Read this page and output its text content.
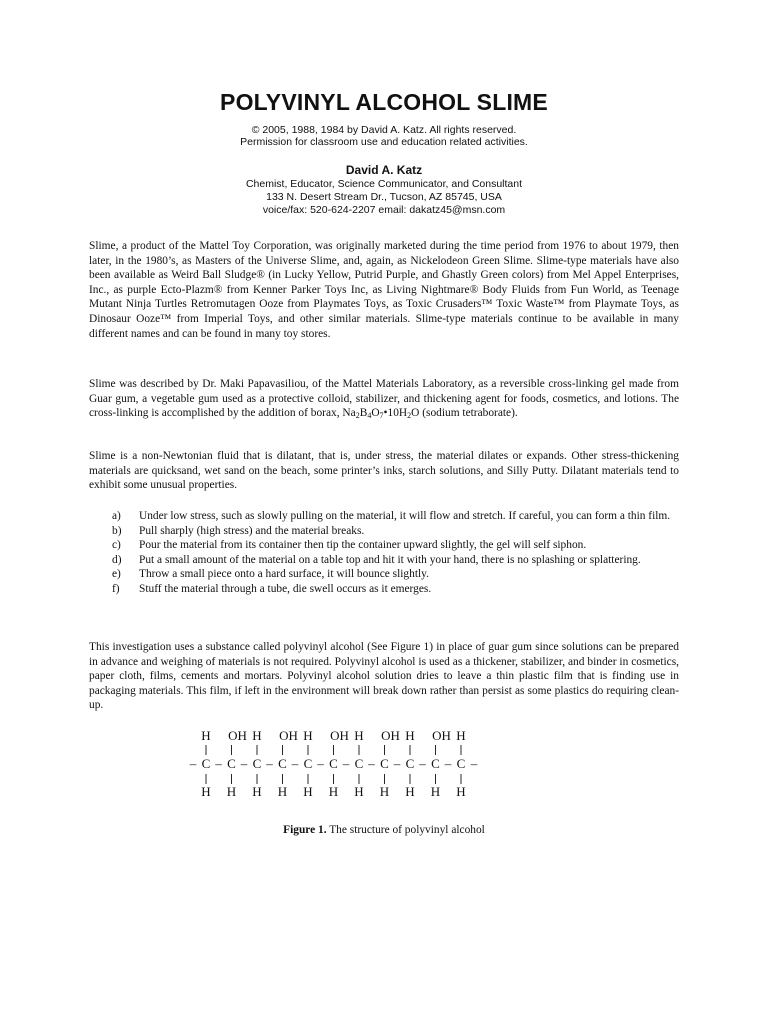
POLYVINYL ALCOHOL SLIME

© 2005, 1988, 1984 by David A. Katz. All rights reserved.

Permission for classroom use and education related activities.

David A. Katz

Chemist, Educator, Science Communicator, and Consultant

133 N. Desert Stream Dr., Tucson, AZ 85745, USA

voice/fax: 520-624-2207 email: dakatz45@msn.com

Slime, a product of the Mattel Toy Corporation, was originally marketed during the time period from 1976 to about 1979, then later, in the 1980’s, as Masters of the Universe Slime, and, again, as Nickelodeon Green Slime. Slime-type materials have also been available as Weird Ball Sludge® (in Lucky Yellow, Putrid Purple, and Ghastly Green colors) from Mel Appel Enterprises, Inc., as purple Ecto-Plazm® from Kenner Parker Toys Inc, as Living Nightmare® Body Fluids from Fun World, as Teenage Mutant Ninja Turtles Retromutagen Ooze from Playmates Toys, as Toxic Crusaders™ Toxic Waste™ from Playmate Toys, as Dinosaur Ooze™ from Imperial Toys, and other similar materials. Slime-type materials continue to be available in many different names and can be found in many toy stores.

Slime was described by Dr. Maki Papavasiliou, of the Mattel Materials Laboratory, as a reversible cross-linking gel made from Guar gum, a vegetable gum used as a protective colloid, stabilizer, and thickening agent for foods, cosmetics, and lotions. The cross-linking is accomplished by the addition of borax, $Na_2B_4O_7•10H_2O$ (sodium tetraborate).

Slime is a non-Newtonian fluid that is dilatant, that is, under stress, the material dilates or expands. Other stress-thickening materials are quicksand, wet sand on the beach, some printer’s inks, starch solutions, and Silly Putty. Dilatant materials tend to exhibit some unusual properties.

a) Under low stress, such as slowly pulling on the material, it will flow and stretch. If careful, you can form a thin film.
b) Pull sharply (high stress) and the material breaks.
c) Pour the material from its container then tip the container upward slightly, the gel will self siphon.
d) Put a small amount of the material on a table top and hit it with your hand, there is no splashing or splattering.
e) Throw a small piece onto a hard surface, it will bounce slightly.
f) Stuff the material through a tube, die swell occurs as it emerges.

This investigation uses a substance called polyvinyl alcohol (See Figure 1) in place of guar gum since solutions can be prepared in advance and weighing of materials is not required. Polyvinyl alcohol is used as a thickener, stabilizer, and binder in cosmetics, paper cloth, films, cements and mortars. Polyvinyl alcohol solution dries to leave a thin plastic film that is finding use in packaging materials. This film, if left in the environment will break down rather than persist as some plastics do requiring clean-up.

H
C
–
H
OH
C
–
H
H
C
–
H
OH
C
–
H
H
C
–
H
OH
C
–
H
H
C
–
H
OH
C
–
H
H
C
–
H
OH
C
–
H
H
C
–
H
–

Figure 1. The structure of polyvinyl alcohol
